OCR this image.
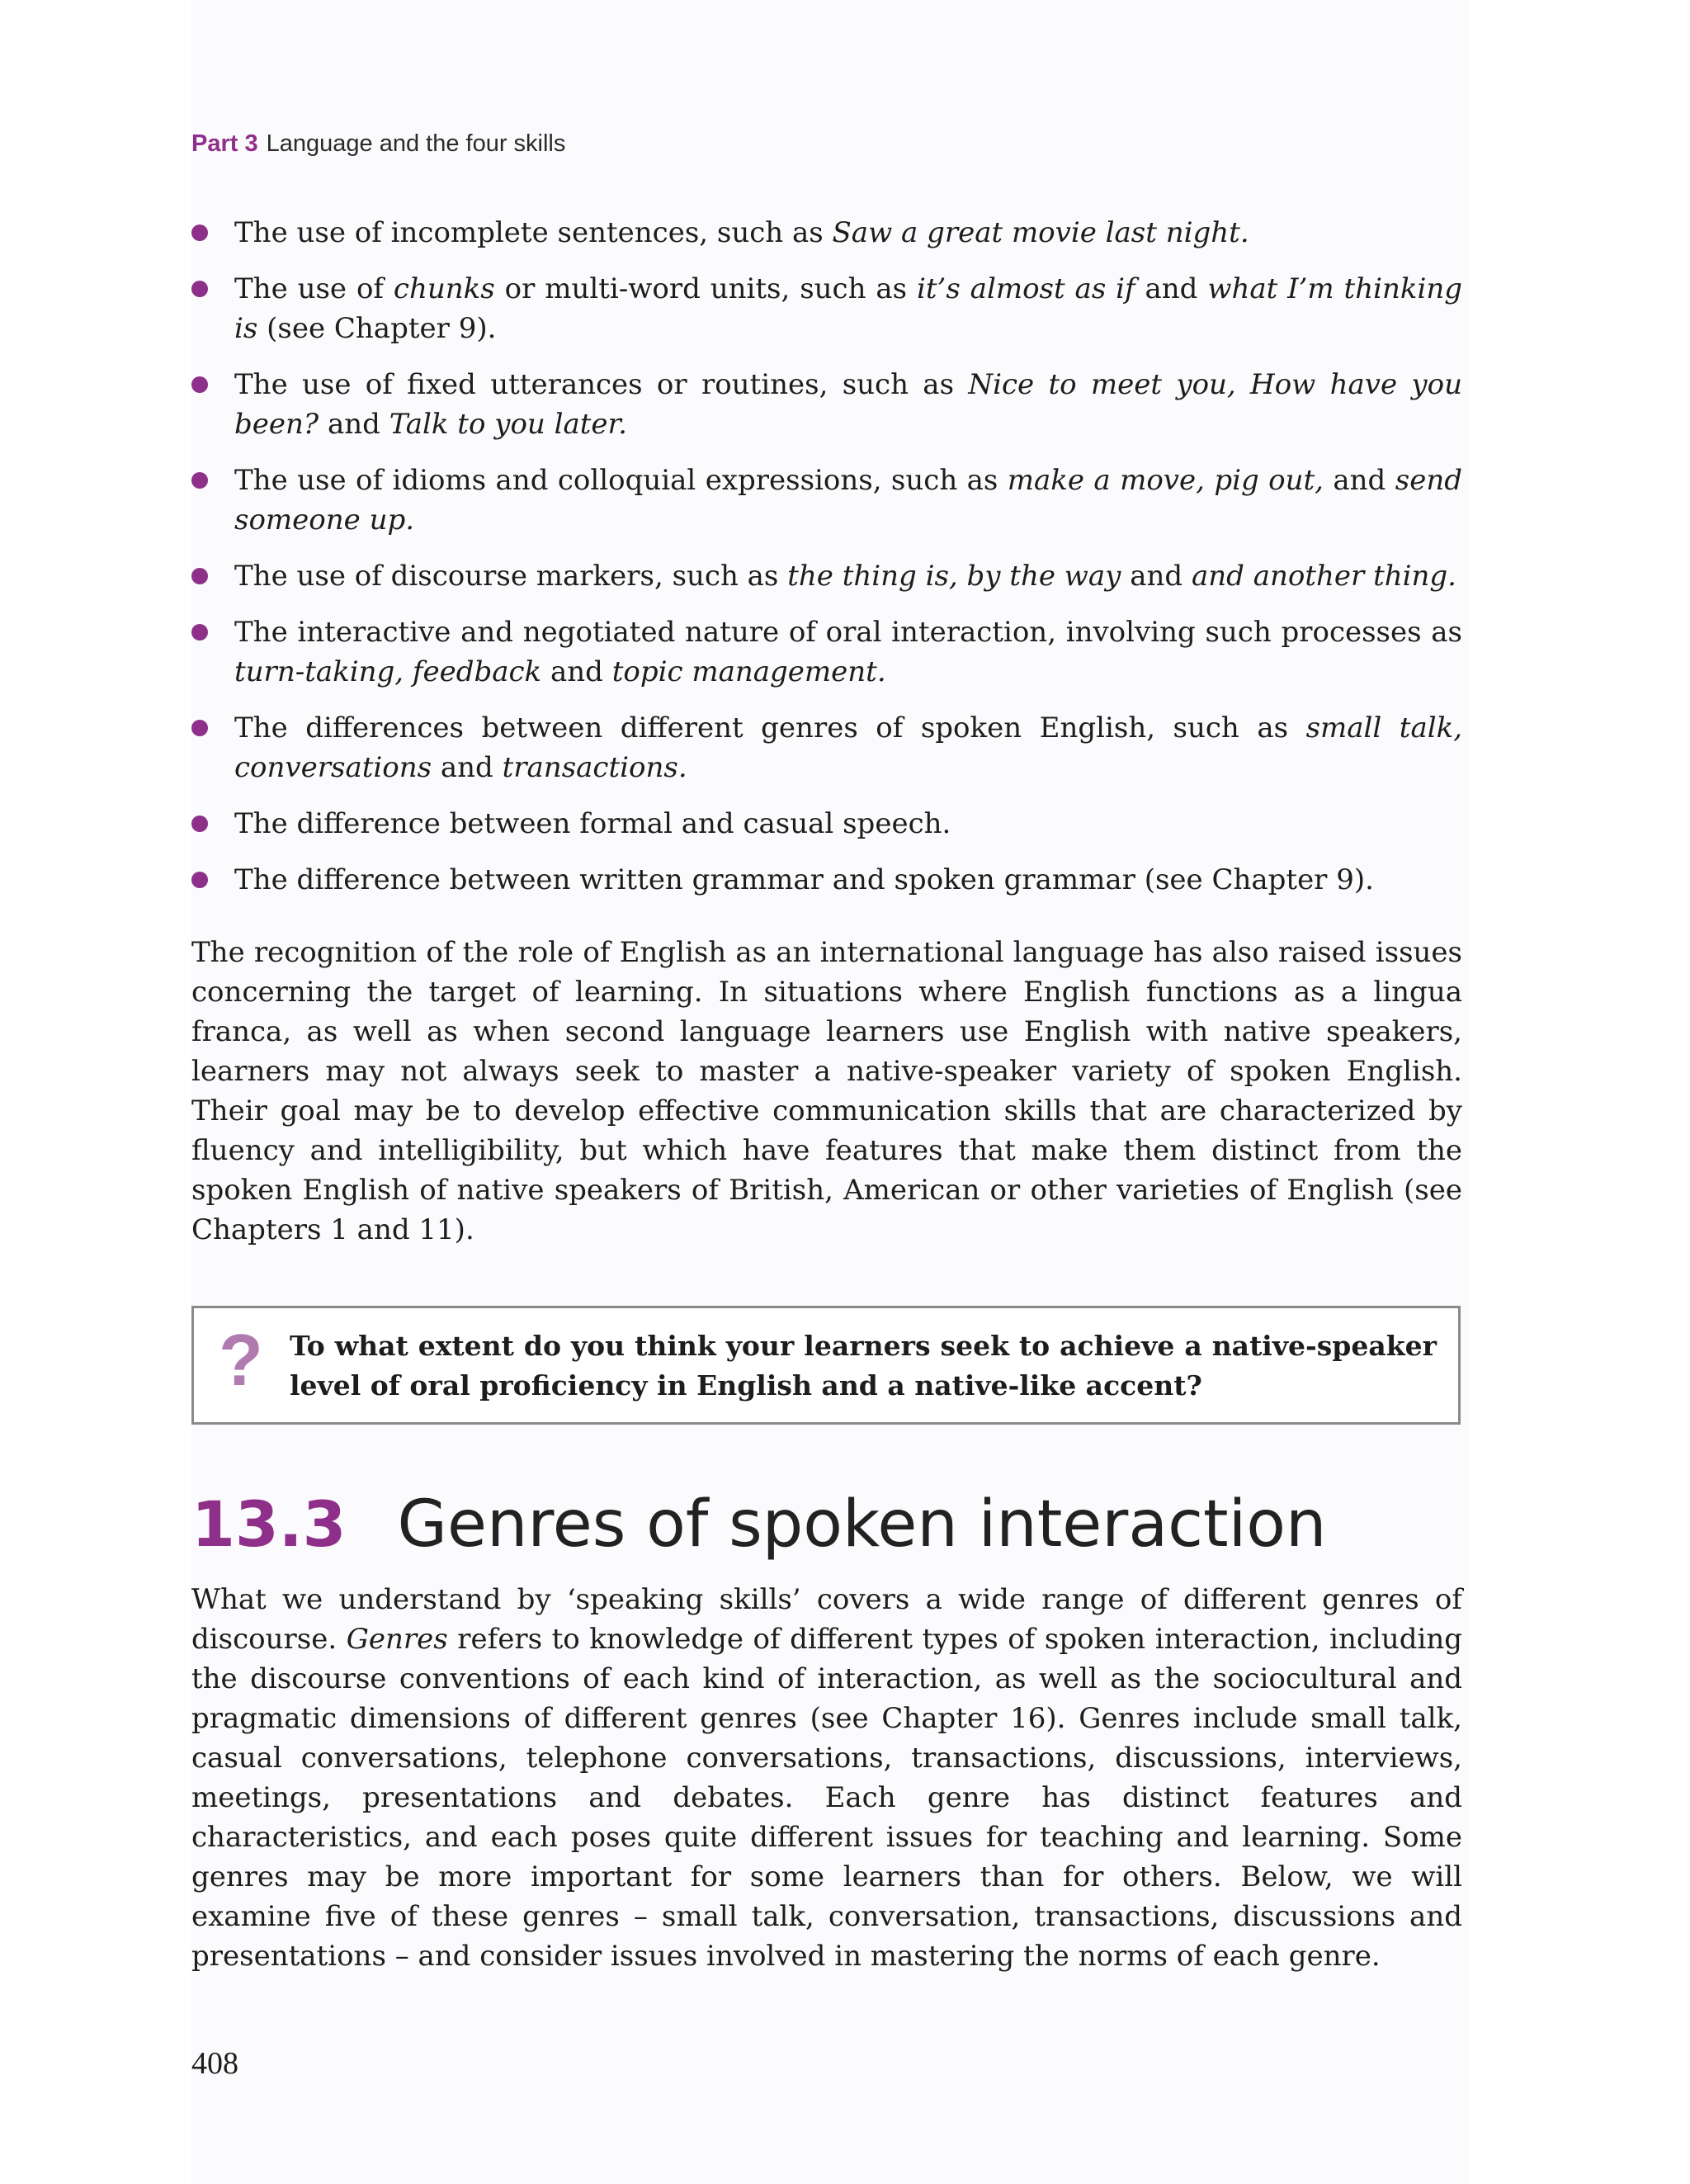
Part 3 Language and the four skills
The use of incomplete sentences, such as Saw a great movie last night.
The use of chunks or multi-word units, such as it’s almost as if and what I’m thinking is (see Chapter 9).
The use of fixed utterances or routines, such as Nice to meet you, How have you been? and Talk to you later.
The use of idioms and colloquial expressions, such as make a move, pig out, and send someone up.
The use of discourse markers, such as the thing is, by the way and and another thing.
The interactive and negotiated nature of oral interaction, involving such processes as turn-taking, feedback and topic management.
The differences between different genres of spoken English, such as small talk, conversations and transactions.
The difference between formal and casual speech.
The difference between written grammar and spoken grammar (see Chapter 9).

The recognition of the role of English as an international language has also raised issues concerning the target of learning. In situations where English functions as a lingua franca, as well as when second language learners use English with native speakers, learners may not always seek to master a native-speaker variety of spoken English. Their goal may be to develop effective communication skills that are characterized by fluency and intelligibility, but which have features that make them distinct from the spoken English of native speakers of British, American or other varieties of English (see Chapters 1 and 11).

? To what extent do you think your learners seek to achieve a native-speaker level of oral proficiency in English and a native-like accent?

13.3 Genres of spoken interaction

What we understand by ‘speaking skills’ covers a wide range of different genres of discourse. Genres refers to knowledge of different types of spoken interaction, including the discourse conventions of each kind of interaction, as well as the sociocultural and pragmatic dimensions of different genres (see Chapter 16). Genres include small talk, casual conversations, telephone conversations, transactions, discussions, interviews, meetings, presentations and debates. Each genre has distinct features and characteristics, and each poses quite different issues for teaching and learning. Some genres may be more important for some learners than for others. Below, we will examine five of these genres – small talk, conversation, transactions, discussions and presentations – and consider issues involved in mastering the norms of each genre.

408
